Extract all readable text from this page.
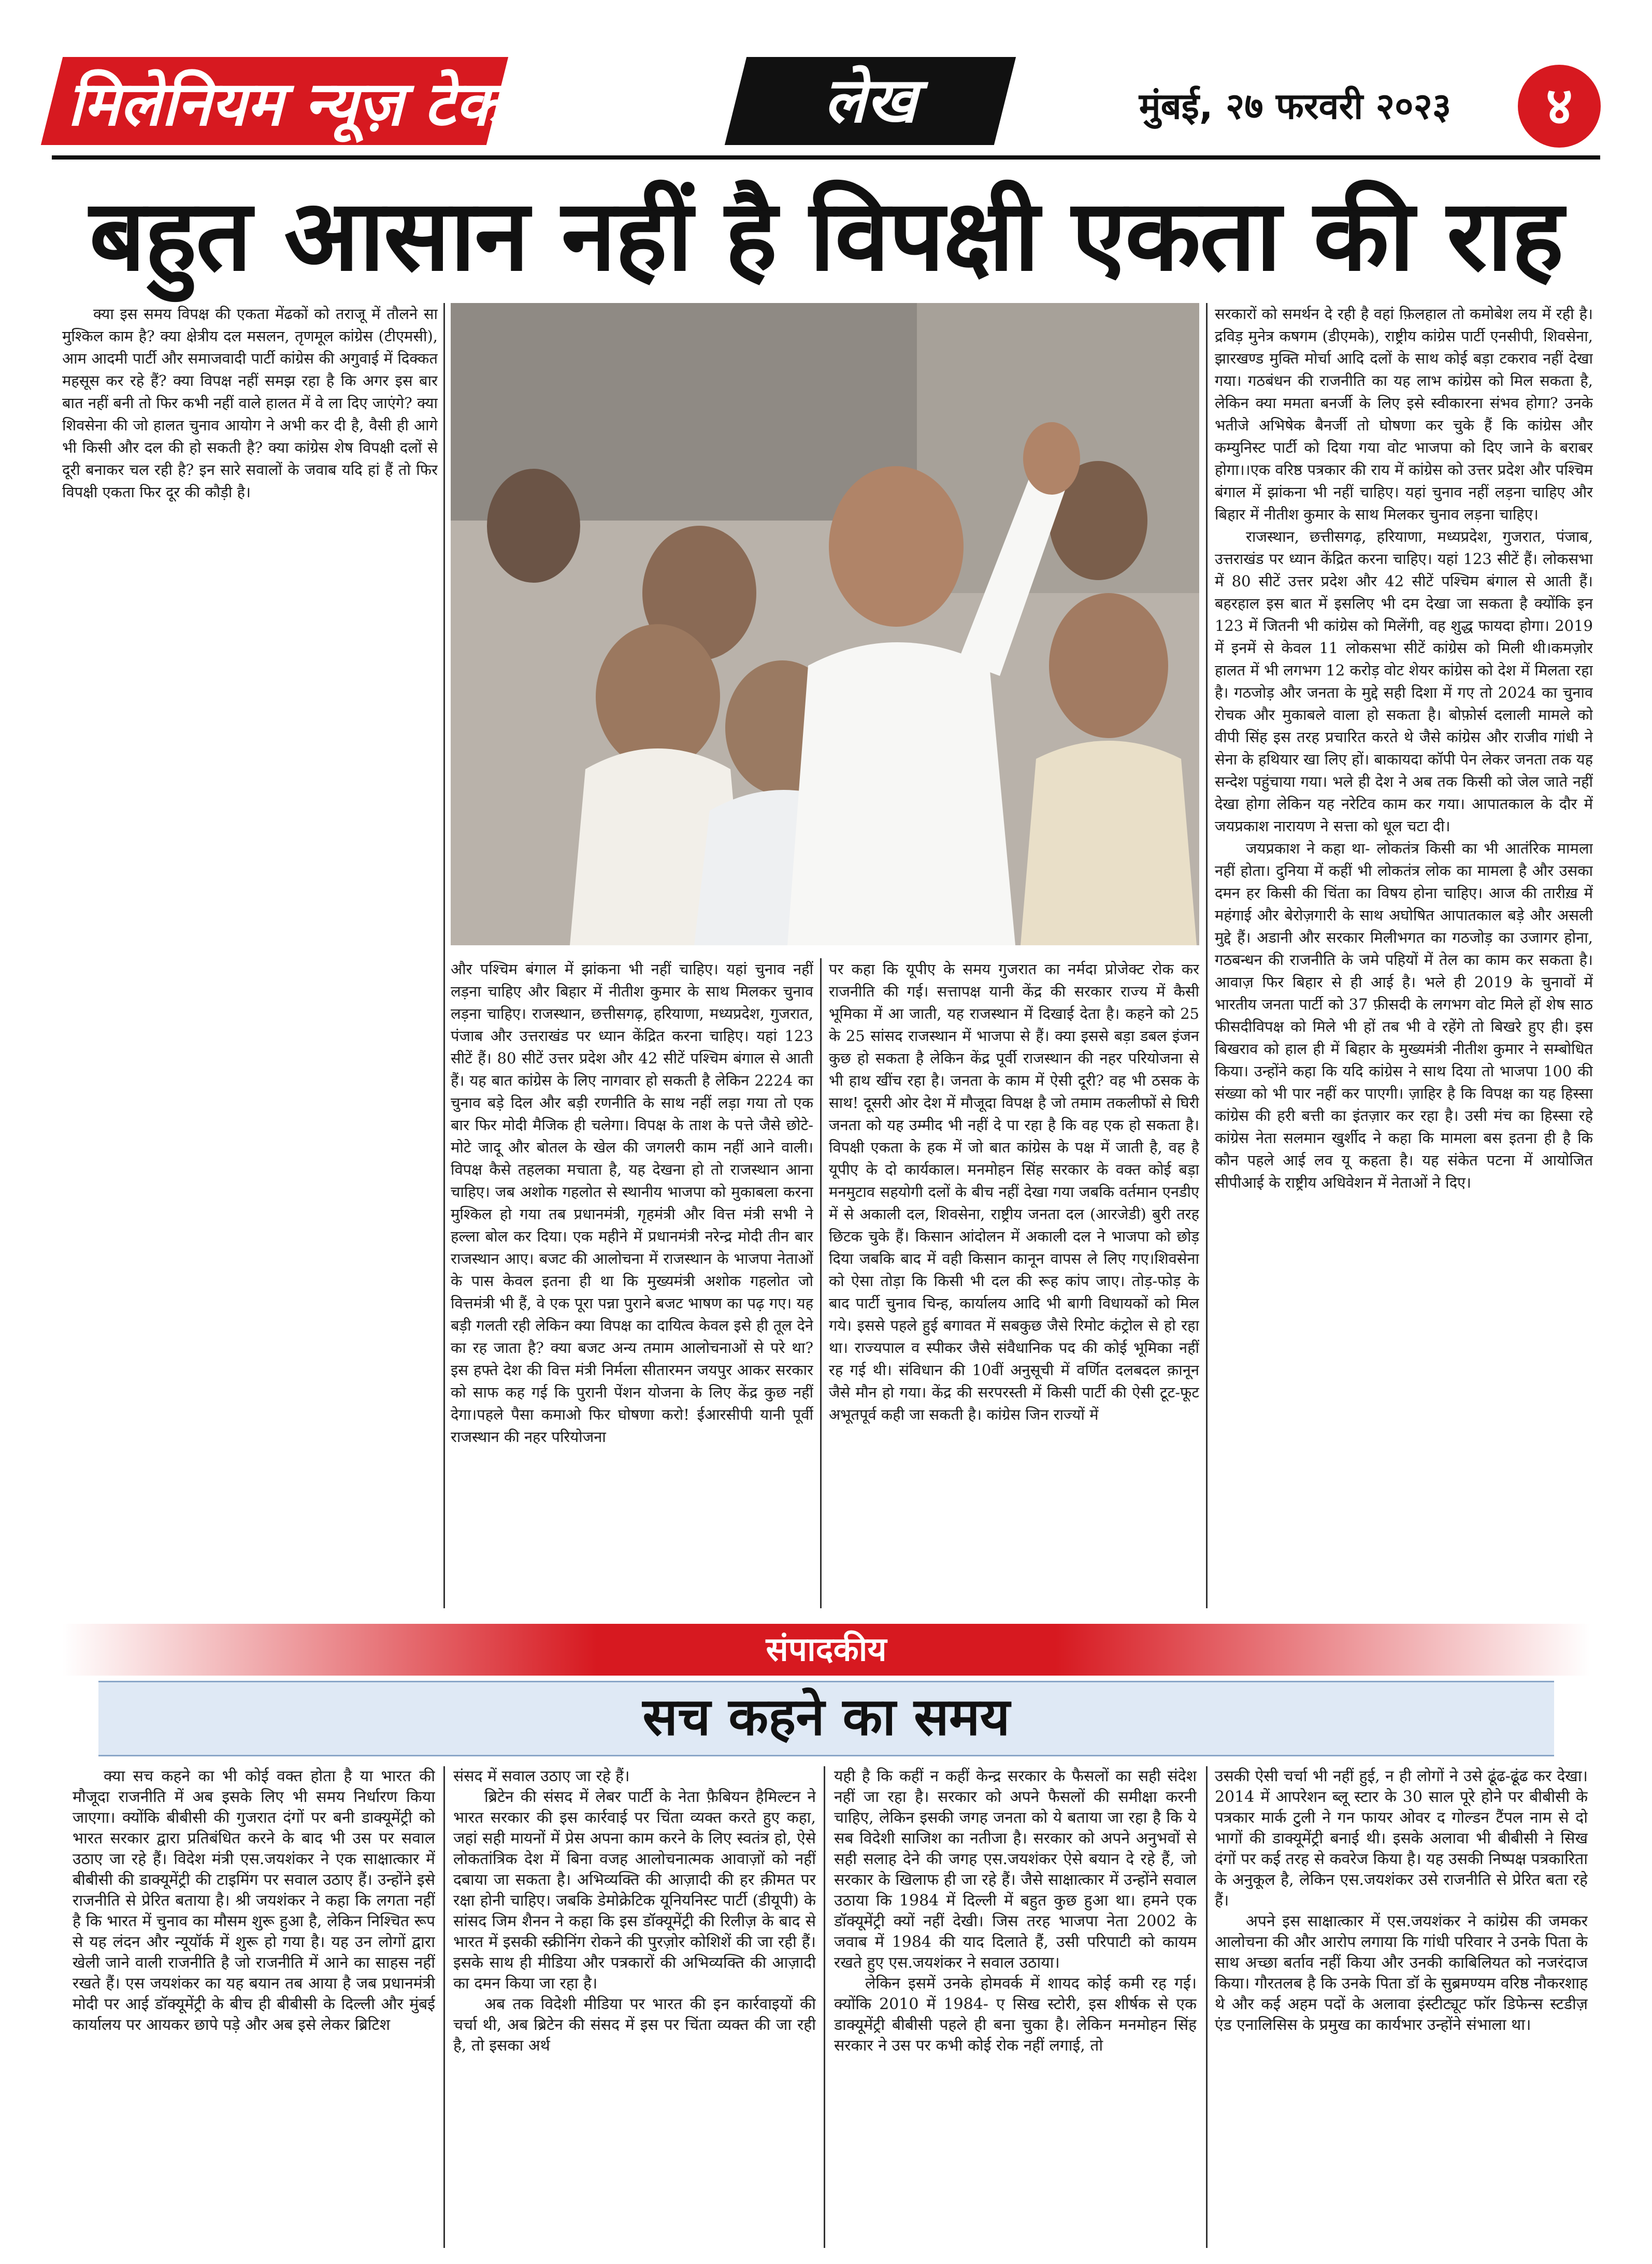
मिलेनियम न्यूज़ टेक	लेख	मुंबई, २७ फरवरी २०२३	४
बहुत आसान नहीं है विपक्षी एकता की राह

क्या इस समय विपक्ष की एकता मेंढकों को तराजू में तौलने सा मुश्किल काम है? क्या क्षेत्रीय दल मसलन, तृणमूल कांग्रेस (टीएमसी), आम आदमी पार्टी और समाजवादी पार्टी कांग्रेस की अगुवाई में दिक्कत महसूस कर रहे हैं? क्या विपक्ष नहीं समझ रहा है कि अगर इस बार बात नहीं बनी तो फिर कभी नहीं वाले हालत में वे ला दिए जाएंगे? क्या शिवसेना की जो हालत चुनाव आयोग ने अभी कर दी है, वैसी ही आगे भी किसी और दल की हो सकती है? क्या कांग्रेस शेष विपक्षी दलों से दूरी बनाकर चल रही है? इन सारे सवालों के जवाब यदि हां हैं तो फिर विपक्षी एकता फिर दूर की कौड़ी है।

और पश्चिम बंगाल में झांकना भी नहीं चाहिए। यहां चुनाव नहीं लड़ना चाहिए और बिहार में नीतीश कुमार के साथ मिलकर चुनाव लड़ना चाहिए। राजस्थान, छत्तीसगढ़, हरियाणा, मध्यप्रदेश, गुजरात, पंजाब और उत्तराखंड पर ध्यान केंद्रित करना चाहिए। यहां 123 सीटें हैं। 80 सीटें उत्तर प्रदेश और 42 सीटें पश्चिम बंगाल से आती हैं। यह बात कांग्रेस के लिए नागवार हो सकती है लेकिन 2224 का चुनाव बड़े दिल और बड़ी रणनीति के साथ नहीं लड़ा गया तो एक बार फिर मोदी मैजिक ही चलेगा। विपक्ष के ताश के पत्ते जैसे छोटे-मोटे जादू और बोतल के खेल की जगलरी काम नहीं आने वाली।विपक्ष कैसे तहलका मचाता है, यह देखना हो तो राजस्थान आना चाहिए। जब अशोक गहलोत से स्थानीय भाजपा को मुकाबला करना मुश्किल हो गया तब प्रधानमंत्री, गृहमंत्री और वित्त मंत्री सभी ने हल्ला बोल कर दिया। एक महीने में प्रधानमंत्री नरेन्द्र मोदी तीन बार राजस्थान आए। बजट की आलोचना में राजस्थान के भाजपा नेताओं के पास केवल इतना ही था कि मुख्यमंत्री अशोक गहलोत जो वित्तमंत्री भी हैं, वे एक पूरा पन्ना पुराने बजट भाषण का पढ़ गए। यह बड़ी गलती रही लेकिन क्या विपक्ष का दायित्व केवल इसे ही तूल देने का रह जाता है? क्या बजट अन्य तमाम आलोचनाओं से परे था? इस हफ्ते देश की वित्त मंत्री निर्मला सीतारमन जयपुर आकर सरकार को साफ कह गई कि पुरानी पेंशन योजना के लिए केंद्र कुछ नहीं देगा।पहले पैसा कमाओ फिर घोषणा करो! ईआरसीपी यानी पूर्वी राजस्थान की नहर परियोजना

पर कहा कि यूपीए के समय गुजरात का नर्मदा प्रोजेक्ट रोक कर राजनीति की गई। सत्तापक्ष यानी केंद्र की सरकार राज्य में कैसी भूमिका में आ जाती, यह राजस्थान में दिखाई देता है। कहने को 25 के 25 सांसद राजस्थान में भाजपा से हैं। क्या इससे बड़ा डबल इंजन कुछ हो सकता है लेकिन केंद्र पूर्वी राजस्थान की नहर परियोजना से भी हाथ खींच रहा है। जनता के काम में ऐसी दूरी? वह भी ठसक के साथ! दूसरी ओर देश में मौजूदा विपक्ष है जो तमाम तकलीफों से घिरी जनता को यह उम्मीद भी नहीं दे पा रहा है कि वह एक हो सकता है।विपक्षी एकता के हक में जो बात कांग्रेस के पक्ष में जाती है, वह है यूपीए के दो कार्यकाल। मनमोहन सिंह सरकार के वक्त कोई बड़ा मनमुटाव सहयोगी दलों के बीच नहीं देखा गया जबकि वर्तमान एनडीए में से अकाली दल, शिवसेना, राष्ट्रीय जनता दल (आरजेडी) बुरी तरह छिटक चुके हैं। किसान आंदोलन में अकाली दल ने भाजपा को छोड़ दिया जबकि बाद में वही किसान कानून वापस ले लिए गए।शिवसेना को ऐसा तोड़ा कि किसी भी दल की रूह कांप जाए। तोड़-फोड़ के बाद पार्टी चुनाव चिन्ह, कार्यालय आदि भी बागी विधायकों को मिल गये। इससे पहले हुई बगावत में सबकुछ जैसे रिमोट कंट्रोल से हो रहा था। राज्यपाल व स्पीकर जैसे संवैधानिक पद की कोई भूमिका नहीं रह गई थी। संविधान की 10वीं अनुसूची में वर्णित दलबदल क़ानून जैसे मौन हो गया। केंद्र की सरपरस्ती में किसी पार्टी की ऐसी टूट-फूट अभूतपूर्व कही जा सकती है। कांग्रेस जिन राज्यों में

सरकारों को समर्थन दे रही है वहां फ़िलहाल तो कमोबेश लय में रही है।द्रविड़ मुनेत्र कषगम (डीएमके), राष्ट्रीय कांग्रेस पार्टी एनसीपी, शिवसेना, झारखण्ड मुक्ति मोर्चा आदि दलों के साथ कोई बड़ा टकराव नहीं देखा गया। गठबंधन की राजनीति का यह लाभ कांग्रेस को मिल सकता है, लेकिन क्या ममता बनर्जी के लिए इसे स्वीकारना संभव होगा? उनके भतीजे अभिषेक बैनर्जी तो घोषणा कर चुके हैं कि कांग्रेस और कम्युनिस्ट पार्टी को दिया गया वोट भाजपा को दिए जाने के बराबर होगा।।एक वरिष्ठ पत्रकार की राय में कांग्रेस को उत्तर प्रदेश और पश्चिम बंगाल में झांकना भी नहीं चाहिए। यहां चुनाव नहीं लड़ना चाहिए और बिहार में नीतीश कुमार के साथ मिलकर चुनाव लड़ना चाहिए।

राजस्थान, छत्तीसगढ़, हरियाणा, मध्यप्रदेश, गुजरात, पंजाब, उत्तराखंड पर ध्यान केंद्रित करना चाहिए। यहां 123 सीटें हैं। लोकसभा में 80 सीटें उत्तर प्रदेश और 42 सीटें पश्चिम बंगाल से आती हैं। बहरहाल इस बात में इसलिए भी दम देखा जा सकता है क्योंकि इन 123 में जितनी भी कांग्रेस को मिलेंगी, वह शुद्ध फायदा होगा। 2019 में इनमें से केवल 11 लोकसभा सीटें कांग्रेस को मिली थी।कमज़ोर हालत में भी लगभग 12 करोड़ वोट शेयर कांग्रेस को देश में मिलता रहा है। गठजोड़ और जनता के मुद्दे सही दिशा में गए तो 2024 का चुनाव रोचक और मुकाबले वाला हो सकता है। बोफ़ोर्स दलाली मामले को वीपी सिंह इस तरह प्रचारित करते थे जैसे कांग्रेस और राजीव गांधी ने सेना के हथियार खा लिए हों। बाकायदा कॉपी पेन लेकर जनता तक यह सन्देश पहुंचाया गया। भले ही देश ने अब तक किसी को जेल जाते नहीं देखा होगा लेकिन यह नरेटिव काम कर गया। आपातकाल के दौर में जयप्रकाश नारायण ने सत्ता को धूल चटा दी।

जयप्रकाश ने कहा था- लोकतंत्र किसी का भी आतंरिक मामला नहीं होता। दुनिया में कहीं भी लोकतंत्र लोक का मामला है और उसका दमन हर किसी की चिंता का विषय होना चाहिए। आज की तारीख़ में महंगाई और बेरोज़गारी के साथ अघोषित आपातकाल बड़े और असली मुद्दे हैं। अडानी और सरकार मिलीभगत का गठजोड़ का उजागर होना, गठबन्धन की राजनीति के जमे पहियों में तेल का काम कर सकता है।आवाज़ फिर बिहार से ही आई है। भले ही 2019 के चुनावों में भारतीय जनता पार्टी को 37 फ़ीसदी के लगभग वोट मिले हों शेष साठ फीसदीविपक्ष को मिले भी हों तब भी वे रहेंगे तो बिखरे हुए ही। इस बिखराव को हाल ही में बिहार के मुख्यमंत्री नीतीश कुमार ने सम्बोधित किया। उन्होंने कहा कि यदि कांग्रेस ने साथ दिया तो भाजपा 100 की संख्या को भी पार नहीं कर पाएगी। ज़ाहिर है कि विपक्ष का यह हिस्सा कांग्रेस की हरी बत्ती का इंतज़ार कर रहा है। उसी मंच का हिस्सा रहे कांग्रेस नेता सलमान खुर्शीद ने कहा कि मामला बस इतना ही है कि कौन पहले आई लव यू कहता है। यह संकेत पटना में आयोजित सीपीआई के राष्ट्रीय अधिवेशन में नेताओं ने दिए।

संपादकीय
सच कहने का समय

क्या सच कहने का भी कोई वक्त होता है या भारत की मौजूदा राजनीति में अब इसके लिए भी समय निर्धारण किया जाएगा। क्योंकि बीबीसी की गुजरात दंगों पर बनी डाक्यूमेंट्री को भारत सरकार द्वारा प्रतिबंधित करने के बाद भी उस पर सवाल उठाए जा रहे हैं। विदेश मंत्री एस.जयशंकर ने एक साक्षात्कार में बीबीसी की डाक्यूमेंट्री की टाइमिंग पर सवाल उठाए हैं। उन्होंने इसे राजनीति से प्रेरित बताया है। श्री जयशंकर ने कहा कि लगता नहीं है कि भारत में चुनाव का मौसम शुरू हुआ है, लेकिन निश्चित रूप से यह लंदन और न्यूयॉर्क में शुरू हो गया है। यह उन लोगों द्वारा खेली जाने वाली राजनीति है जो राजनीति में आने का साहस नहीं रखते हैं। एस जयशंकर का यह बयान तब आया है जब प्रधानमंत्री मोदी पर आई डॉक्यूमेंट्री के बीच ही बीबीसी के दिल्ली और मुंबई कार्यालय पर आयकर छापे पड़े और अब इसे लेकर ब्रिटिश

संसद में सवाल उठाए जा रहे हैं।

ब्रिटेन की संसद में लेबर पार्टी के नेता फ़ैबियन हैमिल्टन ने भारत सरकार की इस कार्रवाई पर चिंता व्यक्त करते हुए कहा, जहां सही मायनों में प्रेस अपना काम करने के लिए स्वतंत्र हो, ऐसे लोकतांत्रिक देश में बिना वजह आलोचनात्मक आवाज़ों को नहीं दबाया जा सकता है। अभिव्यक्ति की आज़ादी की हर क़ीमत पर रक्षा होनी चाहिए। जबकि डेमोक्रेटिक यूनियनिस्ट पार्टी (डीयूपी) के सांसद जिम शैनन ने कहा कि इस डॉक्यूमेंट्री की रिलीज़ के बाद से भारत में इसकी स्क्रीनिंग रोकने की पुरज़ोर कोशिशें की जा रही हैं। इसके साथ ही मीडिया और पत्रकारों की अभिव्यक्ति की आज़ादी का दमन किया जा रहा है।

अब तक विदेशी मीडिया पर भारत की इन कार्रवाइयों की चर्चा थी, अब ब्रिटेन की संसद में इस पर चिंता व्यक्त की जा रही है, तो इसका अर्थ

यही है कि कहीं न कहीं केन्द्र सरकार के फैसलों का सही संदेश नहीं जा रहा है। सरकार को अपने फैसलों की समीक्षा करनी चाहिए, लेकिन इसकी जगह जनता को ये बताया जा रहा है कि ये सब विदेशी साजिश का नतीजा है। सरकार को अपने अनुभवों से सही सलाह देने की जगह एस.जयशंकर ऐसे बयान दे रहे हैं, जो सरकार के खिलाफ ही जा रहे हैं। जैसे साक्षात्कार में उन्होंने सवाल उठाया कि 1984 में दिल्ली में बहुत कुछ हुआ था। हमने एक डॉक्यूमेंट्री क्यों नहीं देखी। जिस तरह भाजपा नेता 2002 के जवाब में 1984 की याद दिलाते हैं, उसी परिपाटी को कायम रखते हुए एस.जयशंकर ने सवाल उठाया।

लेकिन इसमें उनके होमवर्क में शायद कोई कमी रह गई। क्योंकि 2010 में 1984- ए सिख स्टोरी, इस शीर्षक से एक डाक्यूमेंट्री बीबीसी पहले ही बना चुका है। लेकिन मनमोहन सिंह सरकार ने उस पर कभी कोई रोक नहीं लगाई, तो

उसकी ऐसी चर्चा भी नहीं हुई, न ही लोगों ने उसे ढूंढ-ढूंढ कर देखा। 2014 में आपरेशन ब्लू स्टार के 30 साल पूरे होने पर बीबीसी के पत्रकार मार्क टुली ने गन फायर ओवर द गोल्डन टैंपल नाम से दो भागों की डाक्यूमेंट्री बनाई थी। इसके अलावा भी बीबीसी ने सिख दंगों पर कई तरह से कवरेज किया है। यह उसकी निष्पक्ष पत्रकारिता के अनुकूल है, लेकिन एस.जयशंकर उसे राजनीति से प्रेरित बता रहे हैं।

अपने इस साक्षात्कार में एस.जयशंकर ने कांग्रेस की जमकर आलोचना की और आरोप लगाया कि गांधी परिवार ने उनके पिता के साथ अच्छा बर्ताव नहीं किया और उनकी काबिलियत को नजरंदाज किया। गौरतलब है कि उनके पिता डॉ के सुब्रमण्यम वरिष्ठ नौकरशाह थे और कई अहम पदों के अलावा इंस्टीट्यूट फॉर डिफेन्स स्टडीज़ एंड एनालिसिस के प्रमुख का कार्यभार उन्होंने संभाला था।
